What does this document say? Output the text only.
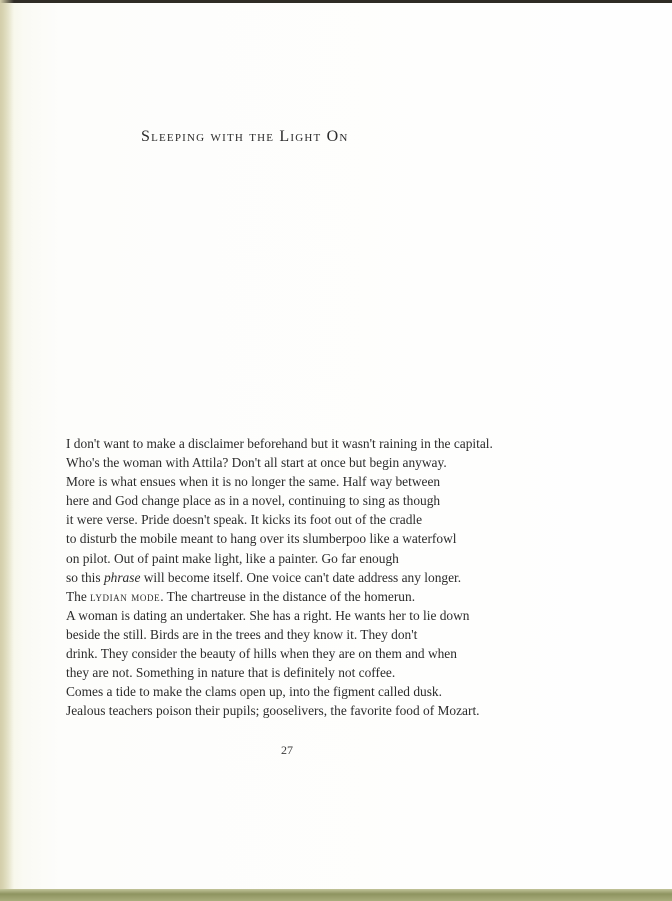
Sleeping with the Light On
I don't want to make a disclaimer beforehand but it wasn't raining in the capital.
Who's the woman with Attila? Don't all start at once but begin anyway.
More is what ensues when it is no longer the same. Half way between
here and God change place as in a novel, continuing to sing as though
it were verse. Pride doesn't speak. It kicks its foot out of the cradle
to disturb the mobile meant to hang over its slumberpoo like a waterfowl
on pilot. Out of paint make light, like a painter. Go far enough
so this phrase will become itself. One voice can't date address any longer.
The lydian mode. The chartreuse in the distance of the homerun.
A woman is dating an undertaker. She has a right. He wants her to lie down
beside the still. Birds are in the trees and they know it. They don't
drink. They consider the beauty of hills when they are on them and when
they are not. Something in nature that is definitely not coffee.
Comes a tide to make the clams open up, into the figment called dusk.
Jealous teachers poison their pupils; gooselivers, the favorite food of Mozart.
27
